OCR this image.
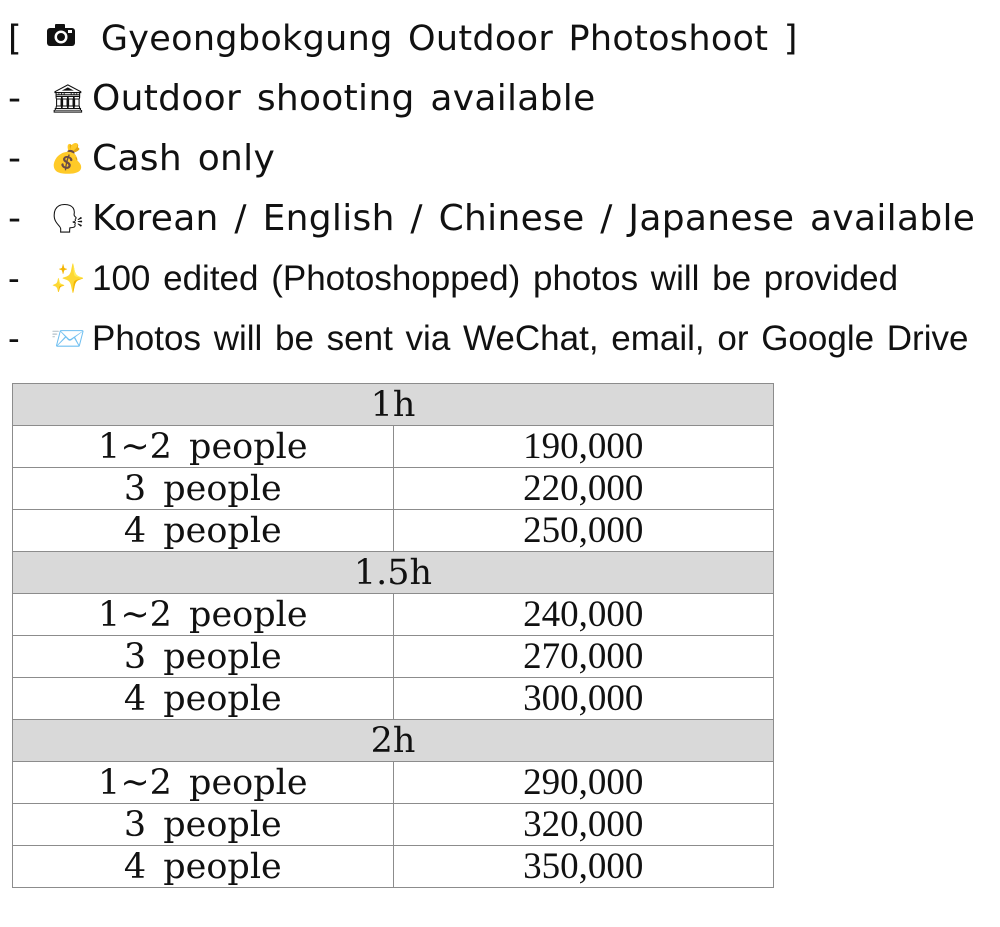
[ Gyeongbokgung Outdoor Photoshoot ]
- 🏛 Outdoor shooting available
- 💰 Cash only
- 🗣 Korean / English / Chinese / Japanese available
- ✨ 100 edited (Photoshopped) photos will be provided
- 📨 Photos will be sent via WeChat, email, or Google Drive
1h	
1~2 people	190,000
3 people	220,000
4 people	250,000
1.5h	
1~2 people	240,000
3 people	270,000
4 people	300,000
2h	
1~2 people	290,000
3 people	320,000
4 people	350,000
